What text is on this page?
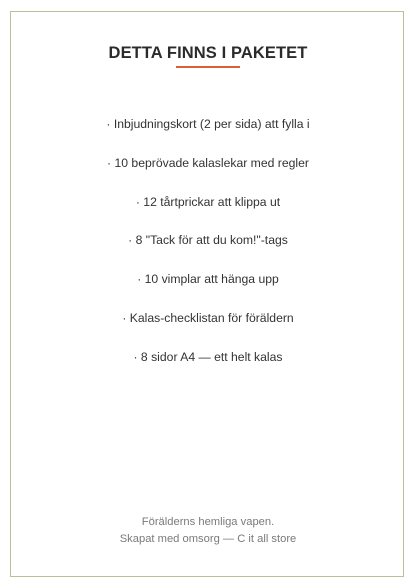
DETTA FINNS I PAKETET
· Inbjudningskort (2 per sida) att fylla i
· 10 beprövade kalaslekar med regler
· 12 tårtprickar att klippa ut
· 8 "Tack för att du kom!"-tags
· 10 vimplar att hänga upp
· Kalas-checklistan för föräldern
· 8 sidor A4 — ett helt kalas
Förälderns hemliga vapen.
Skapat med omsorg — C it all store
